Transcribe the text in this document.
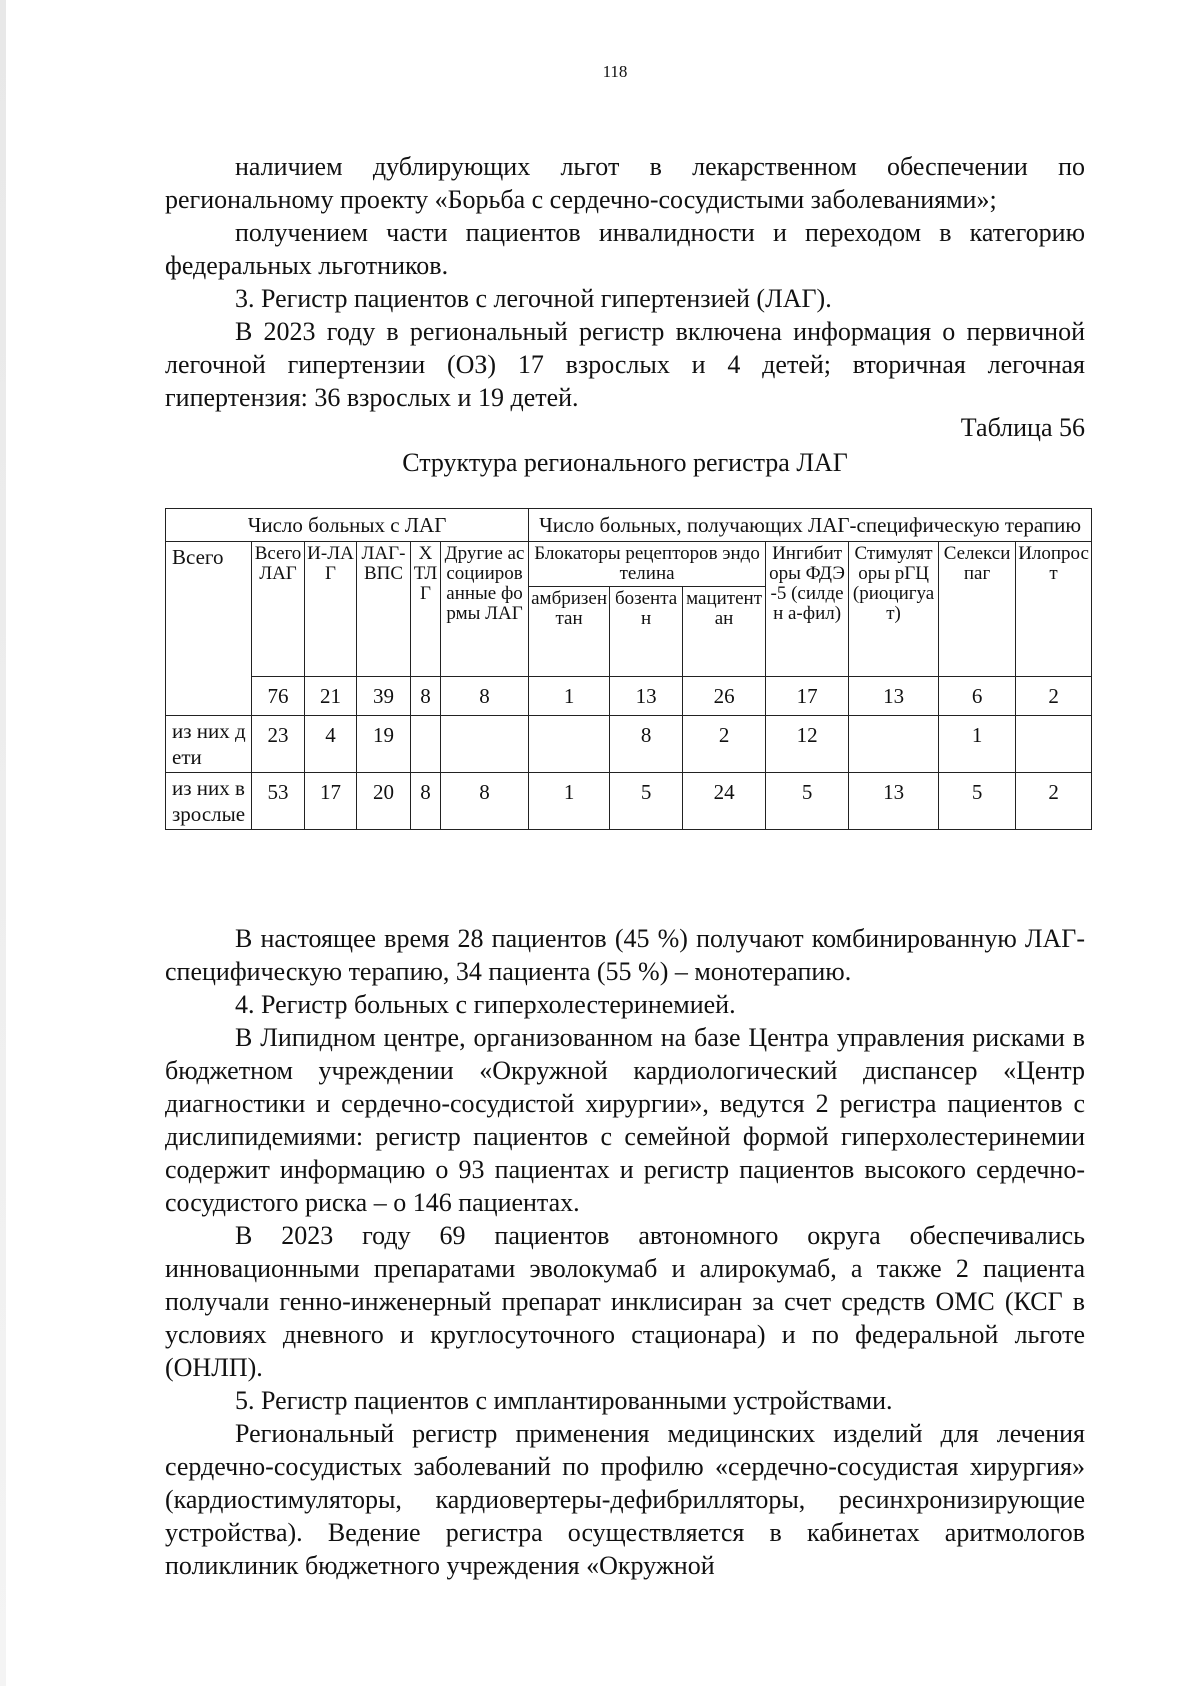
118

наличием дублирующих льгот в лекарственном обеспечении по региональному проекту «Борьба с сердечно-сосудистыми заболеваниями»;

получением части пациентов инвалидности и переходом в категорию федеральных льготников.

3. Регистр пациентов с легочной гипертензией (ЛАГ).

В 2023 году в региональный регистр включена информация о первичной легочной гипертензии (ОЗ) 17 взрослых и 4 детей; вторичная легочная гипертензия: 36 взрослых и 19 детей.

Таблица 56
Структура регионального регистра ЛАГ
Число больных с ЛАГ						Число больных, получающих ЛАГ-специфическую терапию						
Всего	Всего ЛАГ	И-ЛАГ	ЛАГ-ВПС	ХТЛГ	Другие ассоциированные формы ЛАГ	Блокаторы рецепторов эндотелина			Ингибиторы ФДЭ-5 (силден а-фил)	Стимуляторы рГЦ (риоцигуат)	Селексипаг	Илопрост
						амбризентан	бозентан	мацитентан				
	76	21	39	8	8	1	13	26	17	13	6	2
из них дети	23	4	19				8	2	12		1	
из них взрослые	53	17	20	8	8	1	5	24	5	13	5	2

В настоящее время 28 пациентов (45 %) получают комбинированную ЛАГ-специфическую терапию, 34 пациента (55 %) – монотерапию.

4. Регистр больных с гиперхолестеринемией.

В Липидном центре, организованном на базе Центра управления рисками в бюджетном учреждении «Окружной кардиологический диспансер «Центр диагностики и сердечно-сосудистой хирургии», ведутся 2 регистра пациентов с дислипидемиями: регистр пациентов с семейной формой гиперхолестеринемии содержит информацию о 93 пациентах и регистр пациентов высокого сердечно-сосудистого риска – о 146 пациентах.

В 2023 году 69 пациентов автономного округа обеспечивались инновационными препаратами эволокумаб и алирокумаб, а также 2 пациента получали генно-инженерный препарат инклисиран за счет средств ОМС (КСГ в условиях дневного и круглосуточного стационара) и по федеральной льготе (ОНЛП).

5. Регистр пациентов с имплантированными устройствами.

Региональный регистр применения медицинских изделий для лечения сердечно-сосудистых заболеваний по профилю «сердечно-сосудистая хирургия» (кардиостимуляторы, кардиовертеры-дефибрилляторы, ресинхронизирующие устройства). Ведение регистра осуществляется в кабинетах аритмологов поликлиник бюджетного учреждения «Окружной
